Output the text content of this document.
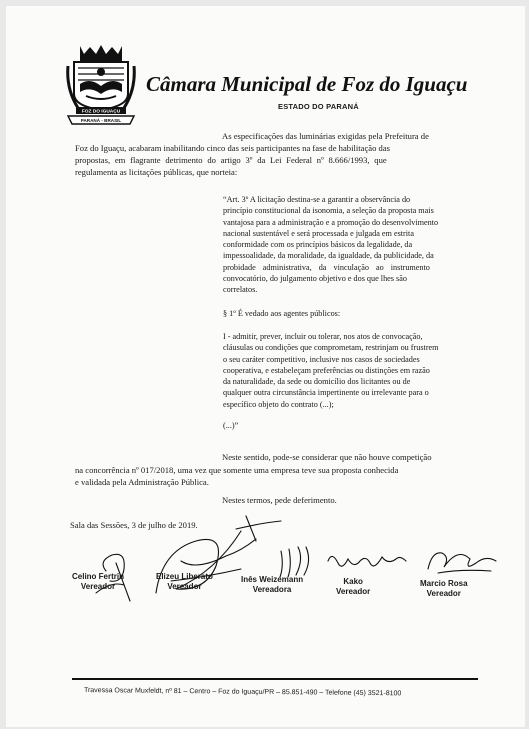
FOZ DO IGUAÇU
PARANÁ - BRASIL
Câmara Municipal de Foz do Iguaçu
ESTADO DO PARANÁ
As especificações das luminárias exigidas pela Prefeitura de
Foz do Iguaçu, acabaram inabilitando cinco das seis participantes na fase de habilitação das
propostas, em flagrante detrimento do artigo 3º da Lei Federal nº 8.666/1993, que
regulamenta as licitações públicas, que norteia:
“Art. 3º A licitação destina-se a garantir a observância do
princípio constitucional da isonomia, a seleção da proposta mais
vantajosa para a administração e a promoção do desenvolvimento
nacional sustentável e será processada e julgada em estrita
conformidade com os princípios básicos da legalidade, da
impessoalidade, da moralidade, da igualdade, da publicidade, da
probidade administrativa, da vinculação ao instrumento
convocatório, do julgamento objetivo e dos que lhes são
correlatos.
§ 1º É vedado aos agentes públicos:
I - admitir, prever, incluir ou tolerar, nos atos de convocação,
cláusulas ou condições que comprometam, restrinjam ou frustrem
o seu caráter competitivo, inclusive nos casos de sociedades
cooperativa, e estabeleçam preferências ou distinções em razão
da naturalidade, da sede ou domicílio dos licitantes ou de
qualquer outra circunstância impertinente ou irrelevante para o
específico objeto do contrato (...);
(...)”
Neste sentido, pode-se considerar que não houve competição
na concorrência nº 017/2018, uma vez que somente uma empresa teve sua proposta conhecida
e validada pela Administração Pública.
Nestes termos, pede deferimento.
Sala das Sessões, 3 de julho de 2019.
Celino Fertrin
Vereador
Elizeu Liberato
Vereador
Inês Weizemann
Vereadora
Kako
Vereador
Marcio Rosa
Vereador
Travessa Oscar Muxfeldt, nº 81 – Centro – Foz do Iguaçu/PR – 85.851-490 – Telefone (45) 3521-8100
